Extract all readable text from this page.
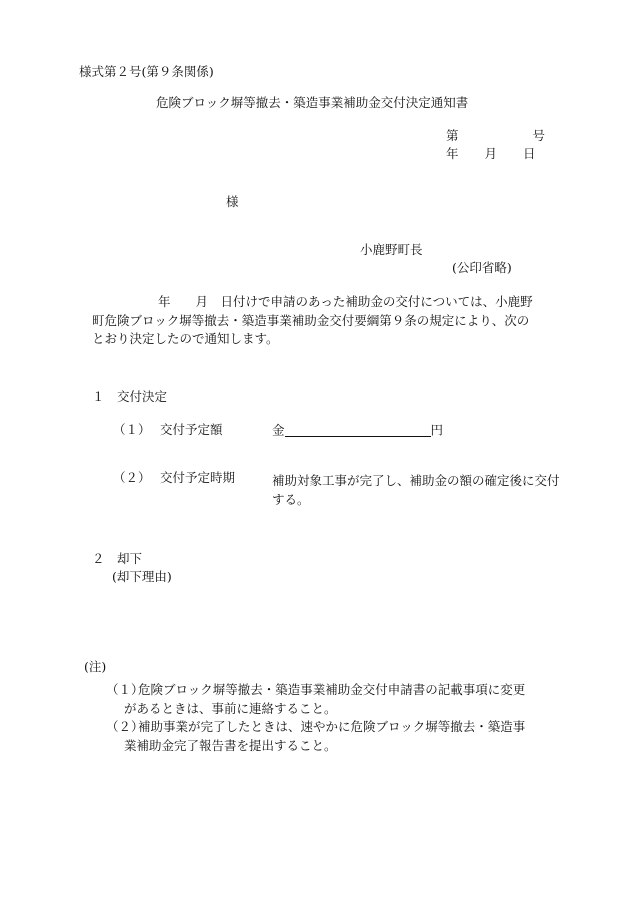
様式第２号(第９条関係)
危険ブロック塀等撤去・築造事業補助金交付決定通知書
第	号
年 月 日
様
小鹿野町長
(公印省略)
年　　月　日付けで申請のあった補助金の交付については、小鹿野
町危険ブロック塀等撤去・築造事業補助金交付要綱第９条の規定により、次の
とおり決定したので通知します。
１　交付決定
（１） 交付予定額	金	円
（２） 交付予定時期	補助対象工事が完了し、補助金の額の確定後に交付する。
２　却下
(却下理由)
(注)
（１）危険ブロック塀等撤去・築造事業補助金交付申請書の記載事項に変更
があるときは、事前に連絡すること。
（２）補助事業が完了したときは、速やかに危険ブロック塀等撤去・築造事
業補助金完了報告書を提出すること。
